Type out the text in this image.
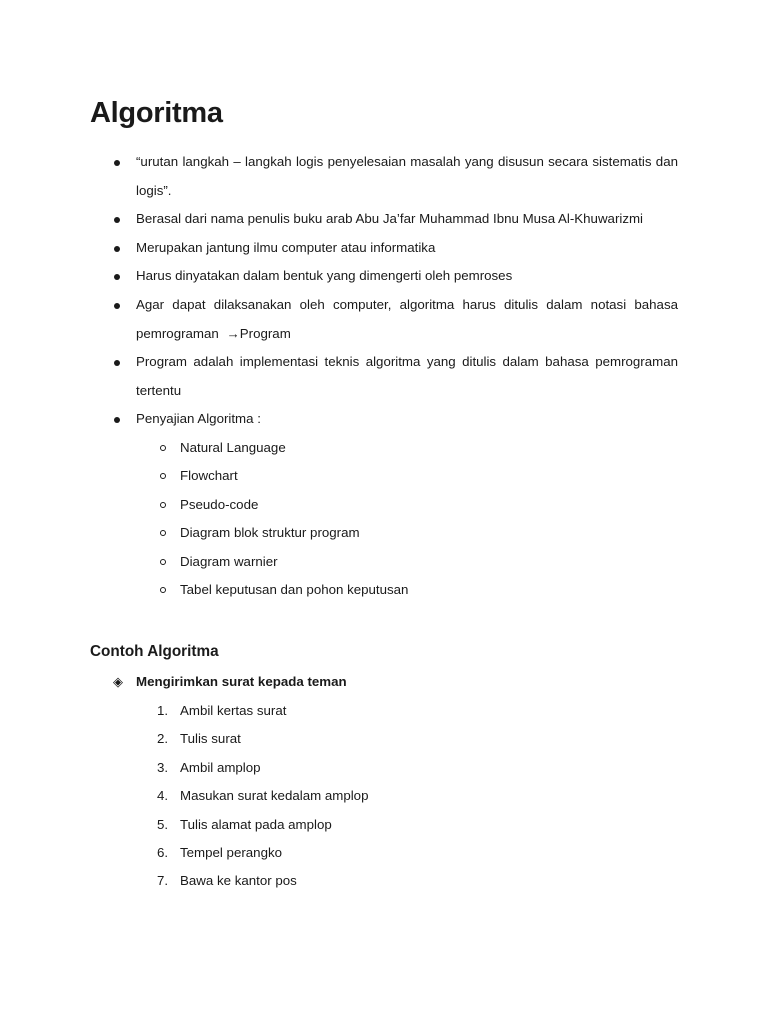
Algoritma
“urutan langkah – langkah logis penyelesaian masalah yang disusun secara sistematis dan logis”.
Berasal dari nama penulis buku arab Abu Ja’far Muhammad Ibnu Musa Al-Khuwarizmi
Merupakan jantung ilmu computer atau informatika
Harus dinyatakan dalam bentuk yang dimengerti oleh pemroses
Agar dapat dilaksanakan oleh computer, algoritma harus ditulis dalam notasi bahasa pemrograman →Program
Program adalah implementasi teknis algoritma yang ditulis dalam bahasa pemrograman tertentu
Penyajian Algoritma :
Natural Language
Flowchart
Pseudo-code
Diagram blok struktur program
Diagram warnier
Tabel keputusan dan pohon keputusan
Contoh Algoritma
◈ Mengirimkan surat kepada teman
1. Ambil kertas surat
2. Tulis surat
3. Ambil amplop
4. Masukan surat kedalam amplop
5. Tulis alamat pada amplop
6. Tempel perangko
7. Bawa ke kantor pos
